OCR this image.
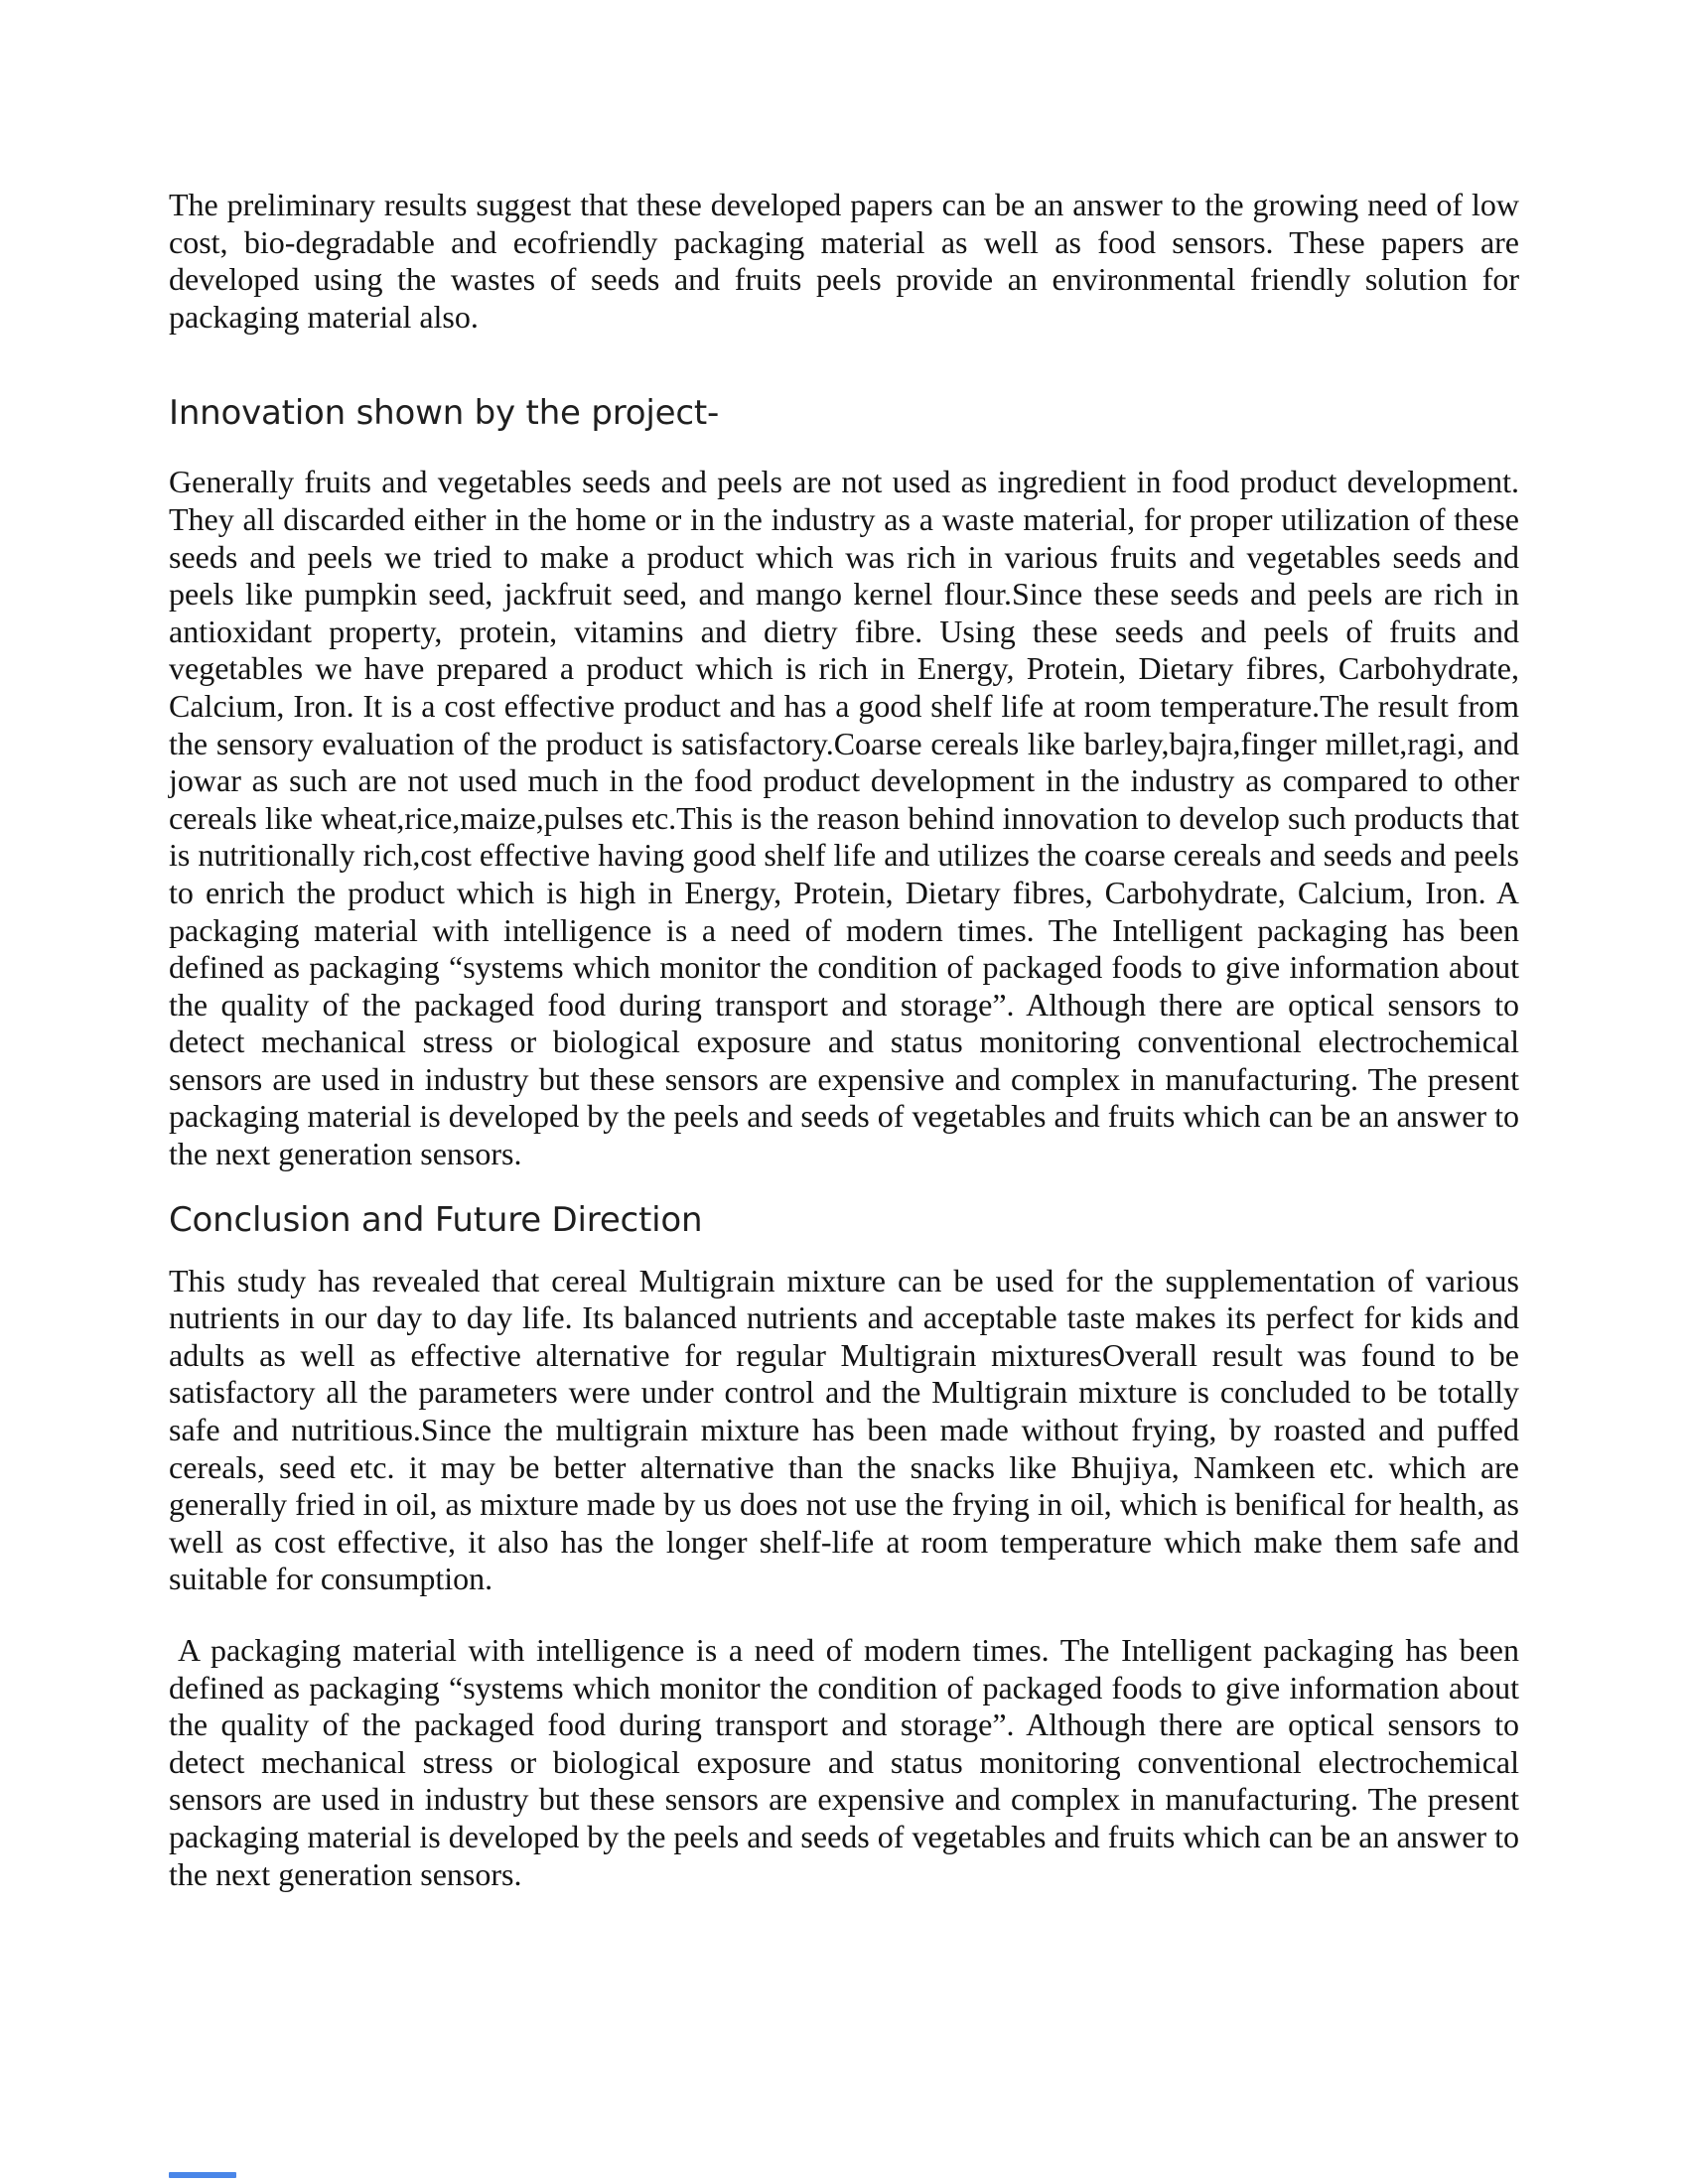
The preliminary results suggest that these developed papers can be an answer to the growing need of low cost, bio-degradable and ecofriendly packaging material as well as food sensors. These papers are developed using the wastes of seeds and fruits peels provide an environmental friendly solution for packaging material also.

Innovation shown by the project-

Generally fruits and vegetables seeds and peels are not used as ingredient in food product development. They all discarded either in the home or in the industry as a waste material, for proper utilization of these seeds and peels we tried to make a product which was rich in various fruits and vegetables seeds and peels like pumpkin seed, jackfruit seed, and mango kernel flour.Since these seeds and peels are rich in antioxidant property, protein, vitamins and dietry fibre. Using these seeds and peels of fruits and vegetables we have prepared a product which is rich in Energy, Protein, Dietary fibres, Carbohydrate, Calcium, Iron. It is a cost effective product and has a good shelf life at room temperature.The result from the sensory evaluation of the product is satisfactory.Coarse cereals like barley,bajra,finger millet,ragi, and jowar as such are not used much in the food product development in the industry as compared to other cereals like wheat,rice,maize,pulses etc.This is the reason behind innovation to develop such products that is nutritionally rich,cost effective having good shelf life and utilizes the coarse cereals and seeds and peels to enrich the product which is high in Energy, Protein, Dietary fibres, Carbohydrate, Calcium, Iron. A packaging material with intelligence is a need of modern times. The Intelligent packaging has been defined as packaging “systems which monitor the condition of packaged foods to give information about the quality of the packaged food during transport and storage”. Although there are optical sensors to detect mechanical stress or biological exposure and status monitoring conventional electrochemical sensors are used in industry but these sensors are expensive and complex in manufacturing. The present packaging material is developed by the peels and seeds of vegetables and fruits which can be an answer to the next generation sensors.

Conclusion and Future Direction

This study has revealed that cereal Multigrain mixture can be used for the supplementation of various nutrients in our day to day life. Its balanced nutrients and acceptable taste makes its perfect for kids and adults as well as effective alternative for regular Multigrain mixturesOverall result was found to be satisfactory all the parameters were under control and the Multigrain mixture is concluded to be totally safe and nutritious.Since the multigrain mixture has been made without frying, by roasted and puffed cereals, seed etc. it may be better alternative than the snacks like Bhujiya, Namkeen etc. which are generally fried in oil, as mixture made by us does not use the frying in oil, which is benifical for health, as well as cost effective, it also has the longer shelf-life at room temperature which make them safe and suitable for consumption.

A packaging material with intelligence is a need of modern times. The Intelligent packaging has been defined as packaging “systems which monitor the condition of packaged foods to give information about the quality of the packaged food during transport and storage”. Although there are optical sensors to detect mechanical stress or biological exposure and status monitoring conventional electrochemical sensors are used in industry but these sensors are expensive and complex in manufacturing. The present packaging material is developed by the peels and seeds of vegetables and fruits which can be an answer to the next generation sensors.
